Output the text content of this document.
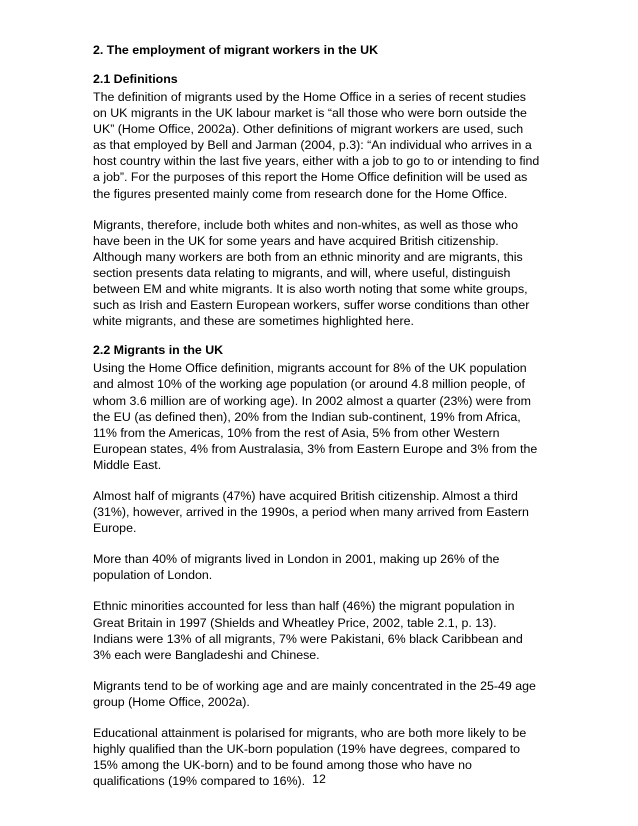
2. The employment of migrant workers in the UK
2.1 Definitions

The definition of migrants used by the Home Office in a series of recent studies
on UK migrants in the UK labour market is “all those who were born outside the
UK” (Home Office, 2002a). Other definitions of migrant workers are used, such
as that employed by Bell and Jarman (2004, p.3): “An individual who arrives in a
host country within the last five years, either with a job to go to or intending to find
a job”. For the purposes of this report the Home Office definition will be used as
the figures presented mainly come from research done for the Home Office.

Migrants, therefore, include both whites and non-whites, as well as those who
have been in the UK for some years and have acquired British citizenship.
Although many workers are both from an ethnic minority and are migrants, this
section presents data relating to migrants, and will, where useful, distinguish
between EM and white migrants. It is also worth noting that some white groups,
such as Irish and Eastern European workers, suffer worse conditions than other
white migrants, and these are sometimes highlighted here.

2.2 Migrants in the UK

Using the Home Office definition, migrants account for 8% of the UK population
and almost 10% of the working age population (or around 4.8 million people, of
whom 3.6 million are of working age). In 2002 almost a quarter (23%) were from
the EU (as defined then), 20% from the Indian sub-continent, 19% from Africa,
11% from the Americas, 10% from the rest of Asia, 5% from other Western
European states, 4% from Australasia, 3% from Eastern Europe and 3% from the
Middle East.

Almost half of migrants (47%) have acquired British citizenship. Almost a third
(31%), however, arrived in the 1990s, a period when many arrived from Eastern
Europe.

More than 40% of migrants lived in London in 2001, making up 26% of the
population of London.

Ethnic minorities accounted for less than half (46%) the migrant population in
Great Britain in 1997 (Shields and Wheatley Price, 2002, table 2.1, p. 13).
Indians were 13% of all migrants, 7% were Pakistani, 6% black Caribbean and
3% each were Bangladeshi and Chinese.

Migrants tend to be of working age and are mainly concentrated in the 25-49 age
group (Home Office, 2002a).

Educational attainment is polarised for migrants, who are both more likely to be
highly qualified than the UK-born population (19% have degrees, compared to
15% among the UK-born) and to be found among those who have no
qualifications (19% compared to 16%). 12
